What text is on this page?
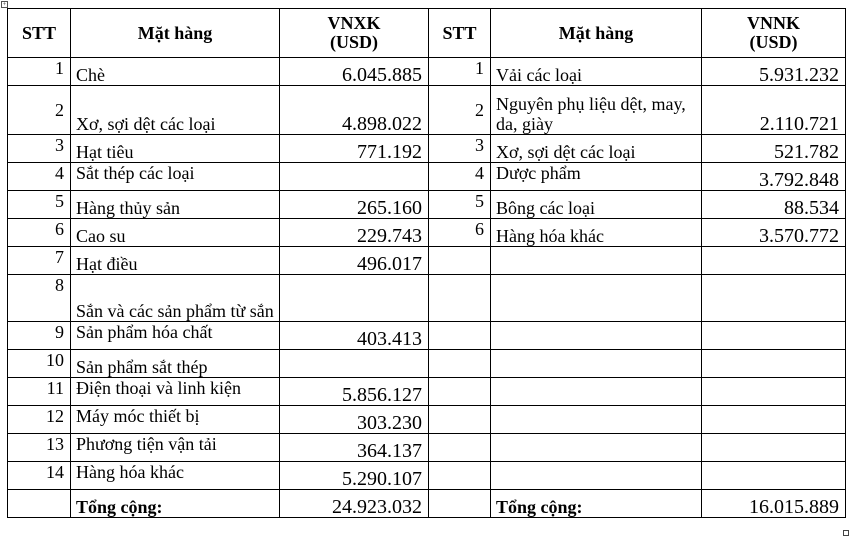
+
STT	Mặt hàng	VNXK
(USD)	STT	Mặt hàng	VNNK
(USD)
1	Chè	6.045.885	1	Vải các loại	5.931.232
2	Xơ, sợi dệt các loại	4.898.022	2	Nguyên phụ liệu dệt, may, da, giày	2.110.721
3	Hạt tiêu	771.192	3	Xơ, sợi dệt các loại	521.782
4	Sắt thép các loại		4	Dược phẩm	3.792.848
5	Hàng thủy sản	265.160	5	Bông các loại	88.534
6	Cao su	229.743	6	Hàng hóa khác	3.570.772
7	Hạt điều	496.017			
8	Sắn và các sản phẩm từ sắn				
9	Sản phẩm hóa chất	403.413			
10	Sản phẩm sắt thép				
11	Điện thoại và linh kiện	5.856.127			
12	Máy móc thiết bị	303.230			
13	Phương tiện vận tải	364.137			
14	Hàng hóa khác	5.290.107			
	Tổng cộng:	24.923.032		Tổng cộng:	16.015.889
